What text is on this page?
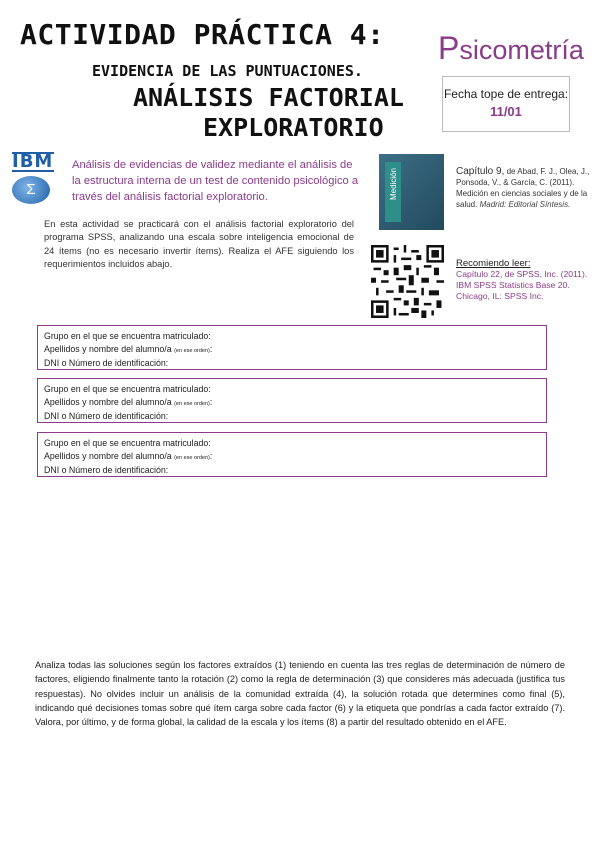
ACTIVIDAD PRÁCTICA 4:
EVIDENCIA DE LAS PUNTUACIONES.
ANÁLISIS FACTORIAL
EXPLORATORIO
Psicometría
Fecha tope de entrega:
11/01
IBM
Σ
Análisis de evidencias de validez mediante el análisis de la estructura interna de un test de contenido psicológico a través del análisis factorial exploratorio.
En esta actividad se practicará con el análisis factorial exploratorio del programa SPSS, analizando una escala sobre inteligencia emocional de 24 ítems (no es necesario invertir ítems). Realiza el AFE siguiendo los requerimientos incluidos abajo.
Medición	Capítulo 9, de Abad, F. J., Olea, J., Ponsoda, V., & García, C. (2011). Medición en ciencias sociales y de la salud. Madrid: Editorial Síntesis.
Recomiendo leer:
Capítulo 22, de SPSS, Inc. (2011).
IBM SPSS Statistics Base 20.
Chicago, IL: SPSS Inc.
Grupo en el que se encuentra matriculado:
Apellidos y nombre del alumno/a (en ese orden):
DNI o Número de identificación:
Grupo en el que se encuentra matriculado:
Apellidos y nombre del alumno/a (en ese orden):
DNI o Número de identificación:
Grupo en el que se encuentra matriculado:
Apellidos y nombre del alumno/a (en ese orden):
DNI o Número de identificación:
Analiza todas las soluciones según los factores extraídos (1) teniendo en cuenta las tres reglas de determinación de número de factores, eligiendo finalmente tanto la rotación (2) como la regla de determinación (3) que consideres más adecuada (justifica tus respuestas). No olvides incluir un análisis de la comunidad extraída (4), la solución rotada que determines como final (5), indicando qué decisiones tomas sobre qué ítem carga sobre cada factor (6) y la etiqueta que pondrías a cada factor extraído (7). Valora, por último, y de forma global, la calidad de la escala y los ítems (8) a partir del resultado obtenido en el AFE.
